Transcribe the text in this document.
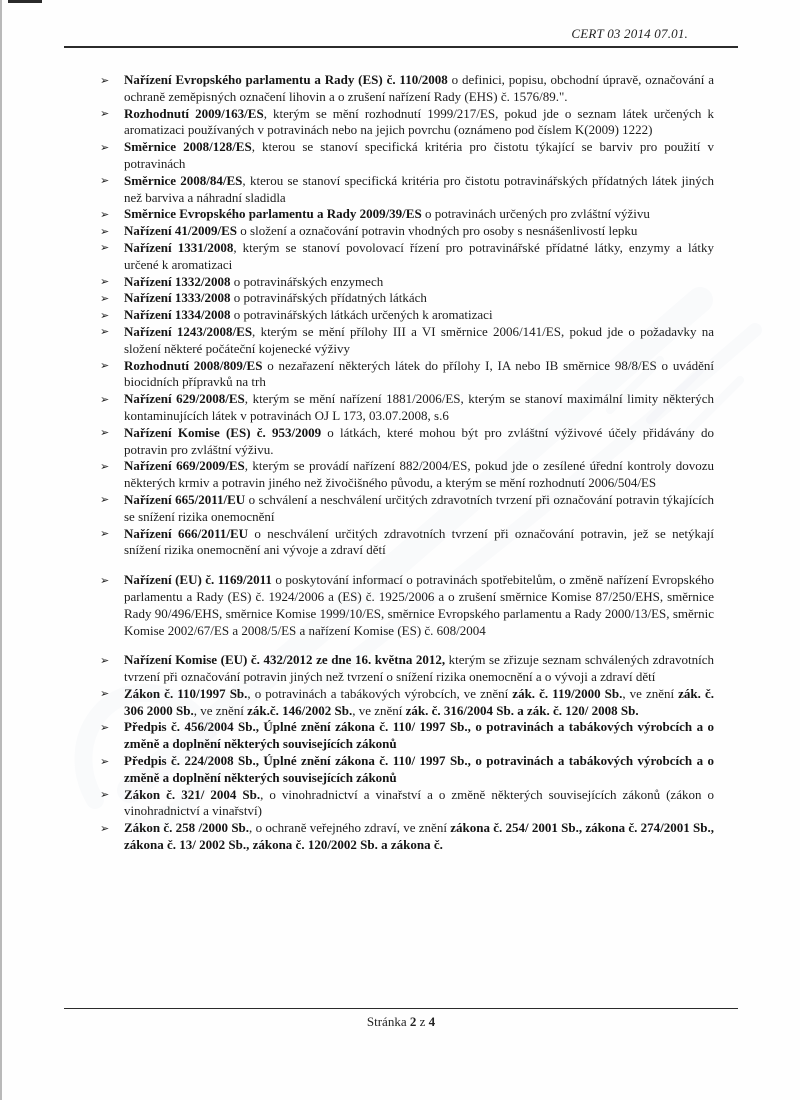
CERT 03 2014 07.01.
➢ Nařízení Evropského parlamentu a Rady (ES) č. 110/2008 o definici, popisu, obchodní úpravě, označování a ochraně zeměpisných označení lihovin a o zrušení nařízení Rady (EHS) č. 1576/89.".
➢ Rozhodnutí 2009/163/ES, kterým se mění rozhodnutí 1999/217/ES, pokud jde o seznam látek určených k aromatizaci používaných v potravinách nebo na jejich povrchu (oznámeno pod číslem K(2009) 1222)
➢ Směrnice 2008/128/ES, kterou se stanoví specifická kritéria pro čistotu týkající se barviv pro použití v potravinách
➢ Směrnice 2008/84/ES, kterou se stanoví specifická kritéria pro čistotu potravinářských přídatných látek jiných než barviva a náhradní sladidla
➢ Směrnice Evropského parlamentu a Rady 2009/39/ES o potravinách určených pro zvláštní výživu
➢ Nařízení 41/2009/ES o složení a označování potravin vhodných pro osoby s nesnášenlivostí lepku
➢ Nařízení 1331/2008, kterým se stanoví povolovací řízení pro potravinářské přídatné látky, enzymy a látky určené k aromatizaci
➢ Nařízení 1332/2008 o potravinářských enzymech
➢ Nařízení 1333/2008 o potravinářských přídatných látkách
➢ Nařízení 1334/2008 o potravinářských látkách určených k aromatizaci
➢ Nařízení 1243/2008/ES, kterým se mění přílohy III a VI směrnice 2006/141/ES, pokud jde o požadavky na složení některé počáteční kojenecké výživy
➢ Rozhodnutí 2008/809/ES o nezařazení některých látek do přílohy I, IA nebo IB směrnice 98/8/ES o uvádění biocidních přípravků na trh
➢ Nařízení 629/2008/ES, kterým se mění nařízení 1881/2006/ES, kterým se stanoví maximální limity některých kontaminujících látek v potravinách OJ L 173, 03.07.2008, s.6
➢ Nařízení Komise (ES) č. 953/2009 o látkách, které mohou být pro zvláštní výživové účely přidávány do potravin pro zvláštní výživu.
➢ Nařízení 669/2009/ES, kterým se provádí nařízení 882/2004/ES, pokud jde o zesílené úřední kontroly dovozu některých krmiv a potravin jiného než živočišného původu, a kterým se mění rozhodnutí 2006/504/ES
➢ Nařízení 665/2011/EU o schválení a neschválení určitých zdravotních tvrzení při označování potravin týkajících se snížení rizika onemocnění
➢ Nařízení 666/2011/EU o neschválení určitých zdravotních tvrzení při označování potravin, jež se netýkají snížení rizika onemocnění ani vývoje a zdraví dětí
➢ Nařízení (EU) č. 1169/2011 o poskytování informací o potravinách spotřebitelům, o změně nařízení Evropského parlamentu a Rady (ES) č. 1924/2006 a (ES) č. 1925/2006 a o zrušení směrnice Komise 87/250/EHS, směrnice Rady 90/496/EHS, směrnice Komise 1999/10/ES, směrnice Evropského parlamentu a Rady 2000/13/ES, směrnic Komise 2002/67/ES a 2008/5/ES a nařízení Komise (ES) č. 608/2004
➢ Nařízení Komise (EU) č. 432/2012 ze dne 16. května 2012, kterým se zřizuje seznam schválených zdravotních tvrzení při označování potravin jiných než tvrzení o snížení rizika onemocnění a o vývoji a zdraví dětí
➢ Zákon č. 110/1997 Sb., o potravinách a tabákových výrobcích, ve znění zák. č. 119/2000 Sb., ve znění zák. č. 306 2000 Sb., ve znění zák.č. 146/2002 Sb., ve znění zák. č. 316/2004 Sb. a zák. č. 120/ 2008 Sb.
➢ Předpis č. 456/2004 Sb., Úplné znění zákona č. 110/ 1997 Sb., o potravinách a tabákových výrobcích a o změně a doplnění některých souvisejících zákonů
➢ Předpis č. 224/2008 Sb., Úplné znění zákona č. 110/ 1997 Sb., o potravinách a tabákových výrobcích a o změně a doplnění některých souvisejících zákonů
➢ Zákon č. 321/ 2004 Sb., o vinohradnictví a vinařství a o změně některých souvisejících zákonů (zákon o vinohradnictví a vinařství)
➢ Zákon č. 258 /2000 Sb., o ochraně veřejného zdraví, ve znění zákona č. 254/ 2001 Sb., zákona č. 274/2001 Sb., zákona č. 13/ 2002 Sb., zákona č. 120/2002 Sb. a zákona č.
Stránka 2 z 4
